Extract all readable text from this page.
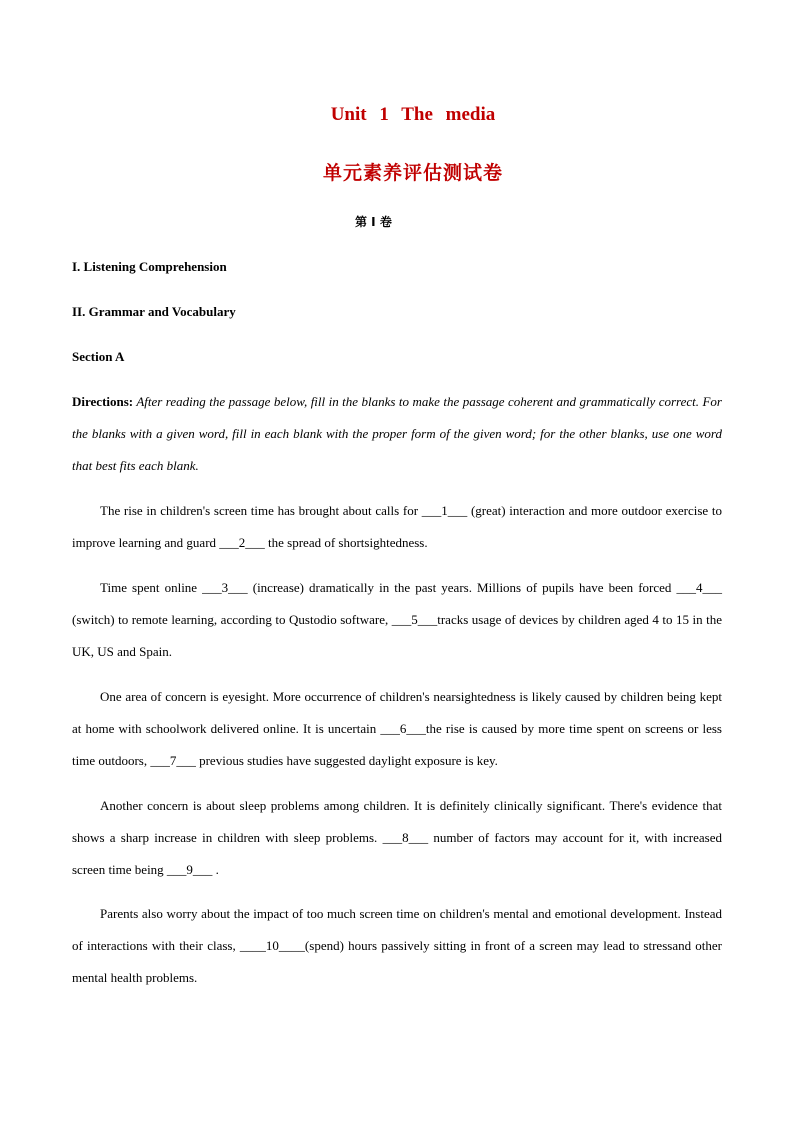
Unit 1 The media
单元素养评估测试卷
第 I 卷
I. Listening Comprehension
II. Grammar and Vocabulary
Section A

Directions: After reading the passage below, fill in the blanks to make the passage coherent and grammatically correct. For the blanks with a given word, fill in each blank with the proper form of the given word; for the other blanks, use one word that best fits each blank.

The rise in children's screen time has brought about calls for ___1___ (great) interaction and more outdoor exercise to improve learning and guard ___2___ the spread of shortsightedness.

Time spent online ___3___ (increase) dramatically in the past years. Millions of pupils have been forced ___4___ (switch) to remote learning, according to Qustodio software, ___5___tracks usage of devices by children aged 4 to 15 in the UK, US and Spain.

One area of concern is eyesight. More occurrence of children's nearsightedness is likely caused by children being kept at home with schoolwork delivered online. It is uncertain ___6___the rise is caused by more time spent on screens or less time outdoors, ___7___ previous studies have suggested daylight exposure is key.

Another concern is about sleep problems among children. It is definitely clinically significant. There's evidence that shows a sharp increase in children with sleep problems. ___8___ number of factors may account for it, with increased screen time being ___9___ .

Parents also worry about the impact of too much screen time on children's mental and emotional development. Instead of interactions with their class, ____10____(spend) hours passively sitting in front of a screen may lead to stressand other mental health problems.
